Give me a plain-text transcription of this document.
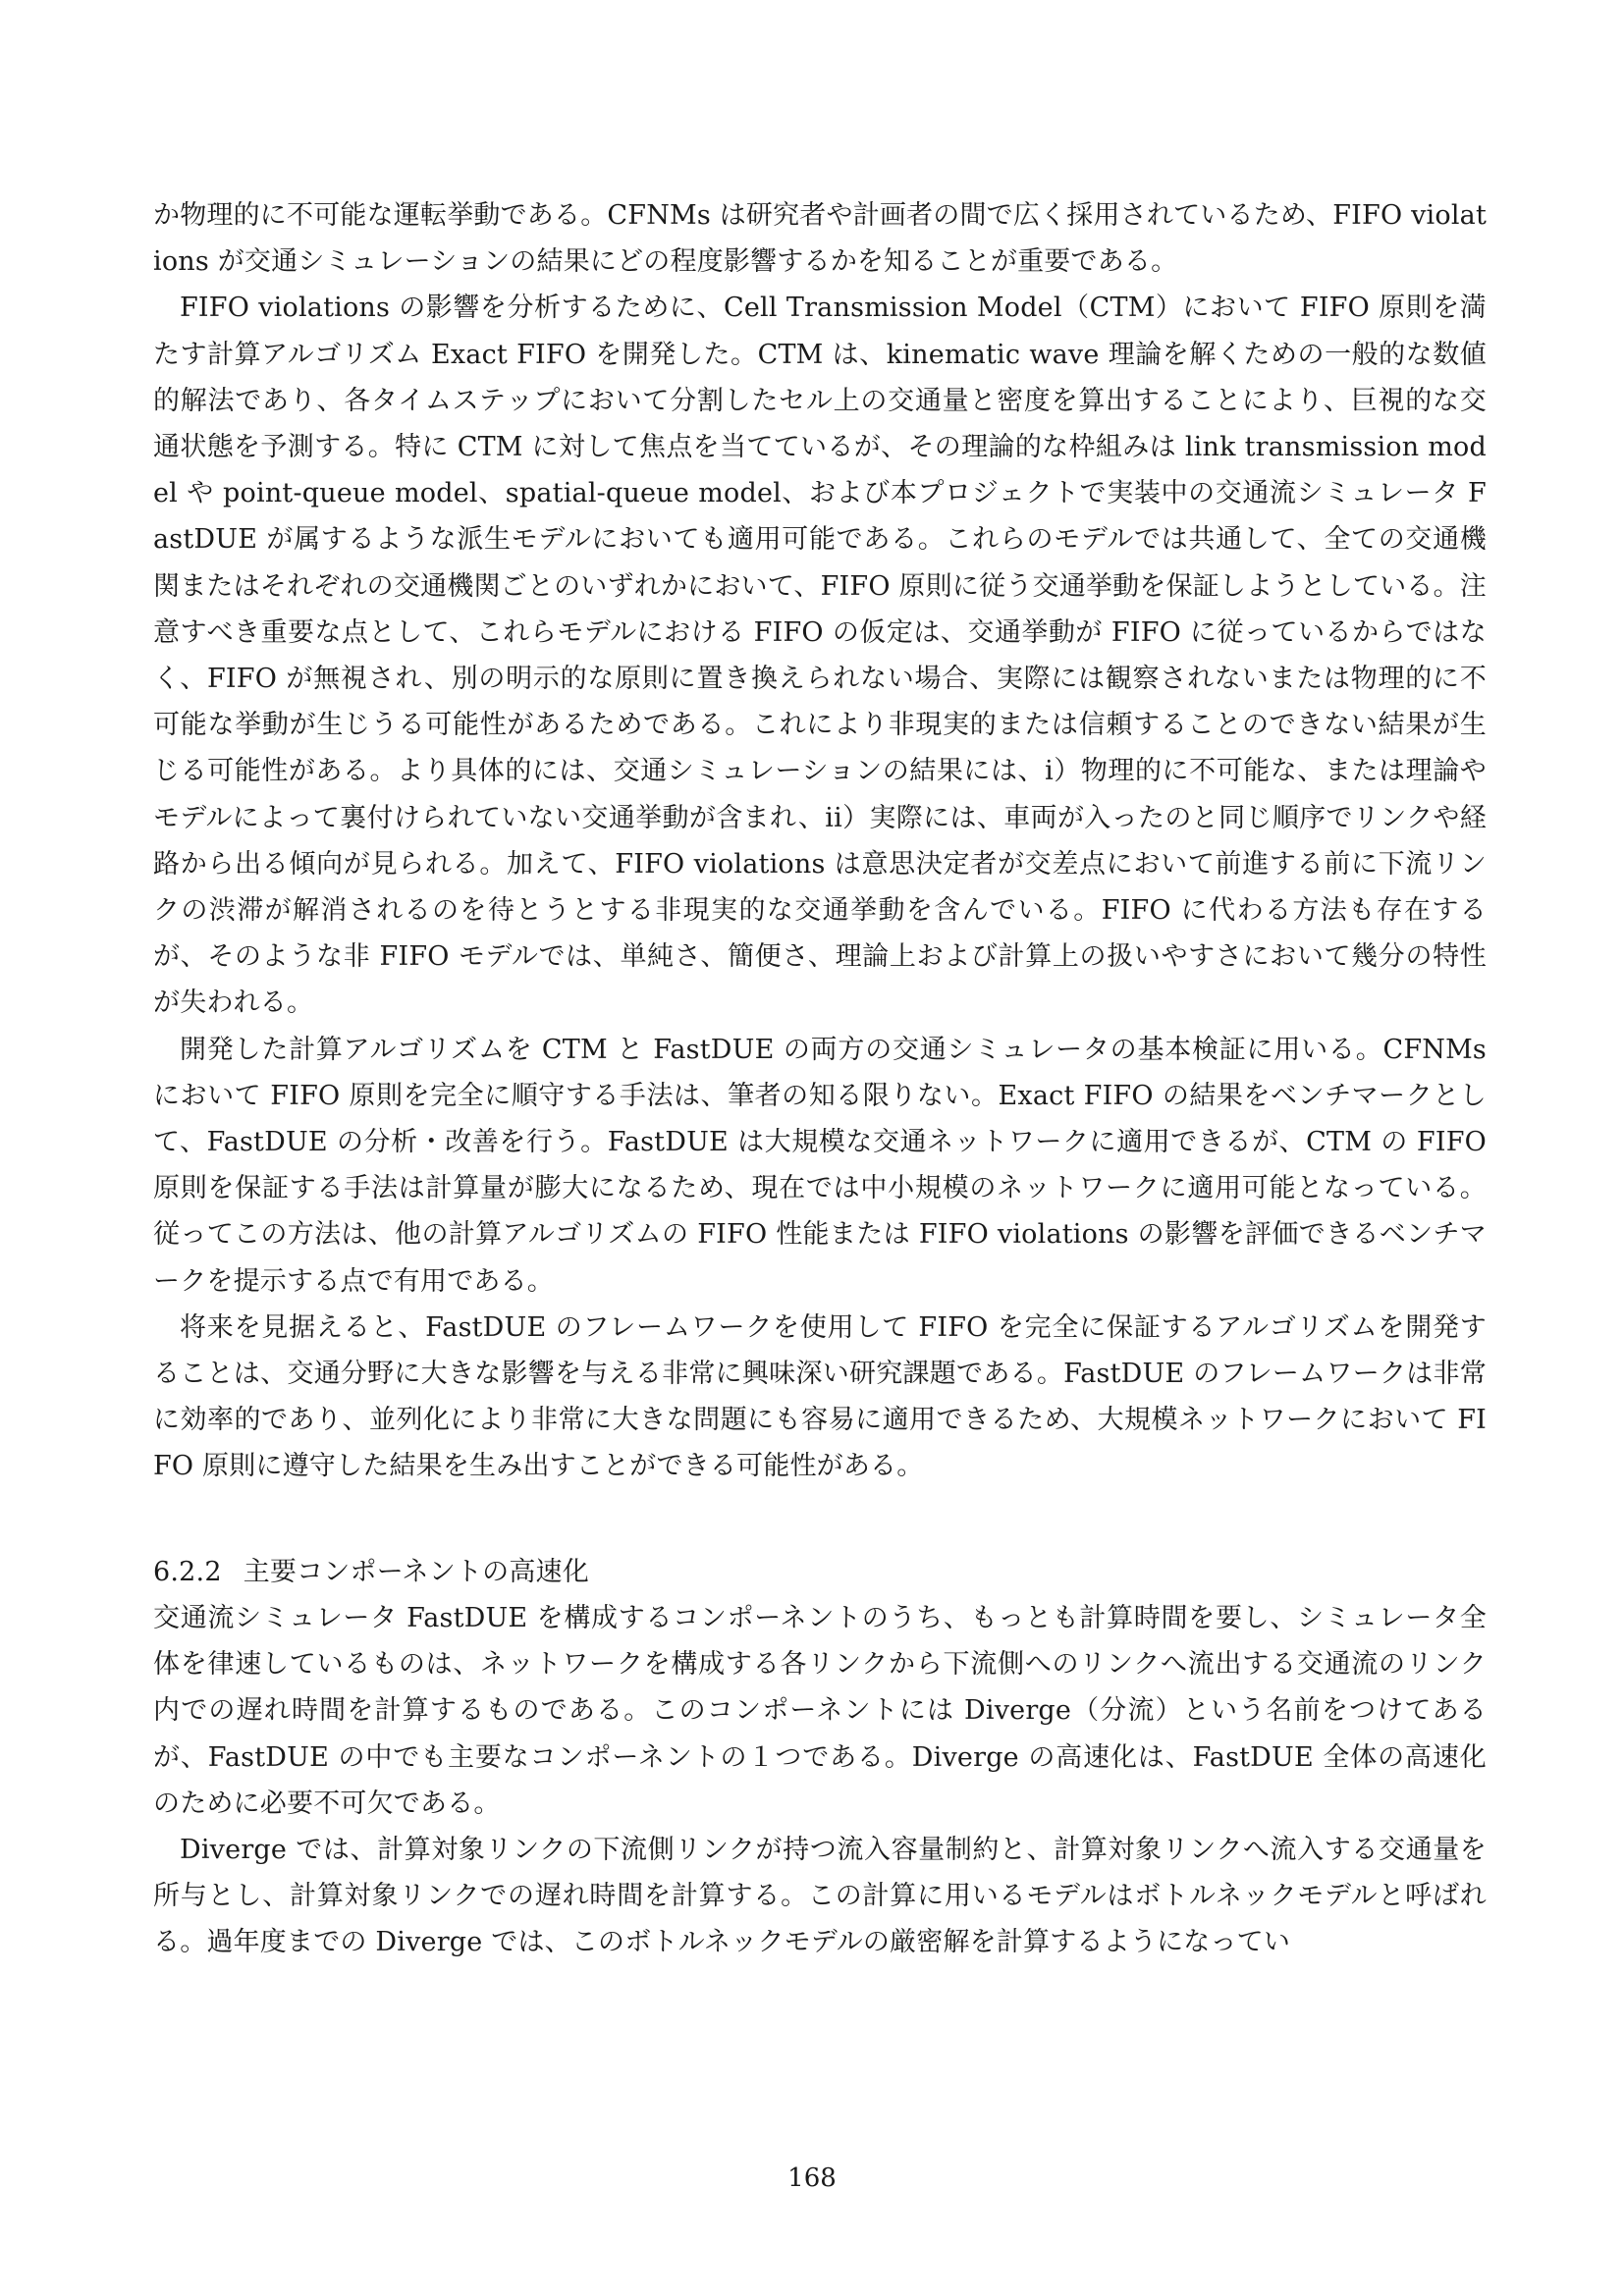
か物理的に不可能な運転挙動である。CFNMs は研究者や計画者の間で広く採用されているため、FIFO violations が交通シミュレーションの結果にどの程度影響するかを知ることが重要である。

FIFO violations の影響を分析するために、Cell Transmission Model（CTM）において FIFO 原則を満たす計算アルゴリズム Exact FIFO を開発した。CTM は、kinematic wave 理論を解くための一般的な数値的解法であり、各タイムステップにおいて分割したセル上の交通量と密度を算出することにより、巨視的な交通状態を予測する。特に CTM に対して焦点を当てているが、その理論的な枠組みは link transmission model や point-queue model、spatial-queue model、および本プロジェクトで実装中の交通流シミュレータ FastDUE が属するような派生モデルにおいても適用可能である。これらのモデルでは共通して、全ての交通機関またはそれぞれの交通機関ごとのいずれかにおいて、FIFO 原則に従う交通挙動を保証しようとしている。注意すべき重要な点として、これらモデルにおける FIFO の仮定は、交通挙動が FIFO に従っているからではなく、FIFO が無視され、別の明示的な原則に置き換えられない場合、実際には観察されないまたは物理的に不可能な挙動が生じうる可能性があるためである。これにより非現実的または信頼することのできない結果が生じる可能性がある。より具体的には、交通シミュレーションの結果には、i）物理的に不可能な、または理論やモデルによって裏付けられていない交通挙動が含まれ、ii）実際には、車両が入ったのと同じ順序でリンクや経路から出る傾向が見られる。加えて、FIFO violations は意思決定者が交差点において前進する前に下流リンクの渋滞が解消されるのを待とうとする非現実的な交通挙動を含んでいる。FIFO に代わる方法も存在するが、そのような非 FIFO モデルでは、単純さ、簡便さ、理論上および計算上の扱いやすさにおいて幾分の特性が失われる。

開発した計算アルゴリズムを CTM と FastDUE の両方の交通シミュレータの基本検証に用いる。CFNMs において FIFO 原則を完全に順守する手法は、筆者の知る限りない。Exact FIFO の結果をベンチマークとして、FastDUE の分析・改善を行う。FastDUE は大規模な交通ネットワークに適用できるが、CTM の FIFO 原則を保証する手法は計算量が膨大になるため、現在では中小規模のネットワークに適用可能となっている。従ってこの方法は、他の計算アルゴリズムの FIFO 性能または FIFO violations の影響を評価できるベンチマークを提示する点で有用である。

将来を見据えると、FastDUE のフレームワークを使用して FIFO を完全に保証するアルゴリズムを開発することは、交通分野に大きな影響を与える非常に興味深い研究課題である。FastDUE のフレームワークは非常に効率的であり、並列化により非常に大きな問題にも容易に適用できるため、大規模ネットワークにおいて FIFO 原則に遵守した結果を生み出すことができる可能性がある。

6.2.2 主要コンポーネントの高速化

交通流シミュレータ FastDUE を構成するコンポーネントのうち、もっとも計算時間を要し、シミュレータ全体を律速しているものは、ネットワークを構成する各リンクから下流側へのリンクへ流出する交通流のリンク内での遅れ時間を計算するものである。このコンポーネントには Diverge（分流）という名前をつけてあるが、FastDUE の中でも主要なコンポーネントの１つである。Diverge の高速化は、FastDUE 全体の高速化のために必要不可欠である。

Diverge では、計算対象リンクの下流側リンクが持つ流入容量制約と、計算対象リンクへ流入する交通量を所与とし、計算対象リンクでの遅れ時間を計算する。この計算に用いるモデルはボトルネックモデルと呼ばれる。過年度までの Diverge では、このボトルネックモデルの厳密解を計算するようになってい

168
